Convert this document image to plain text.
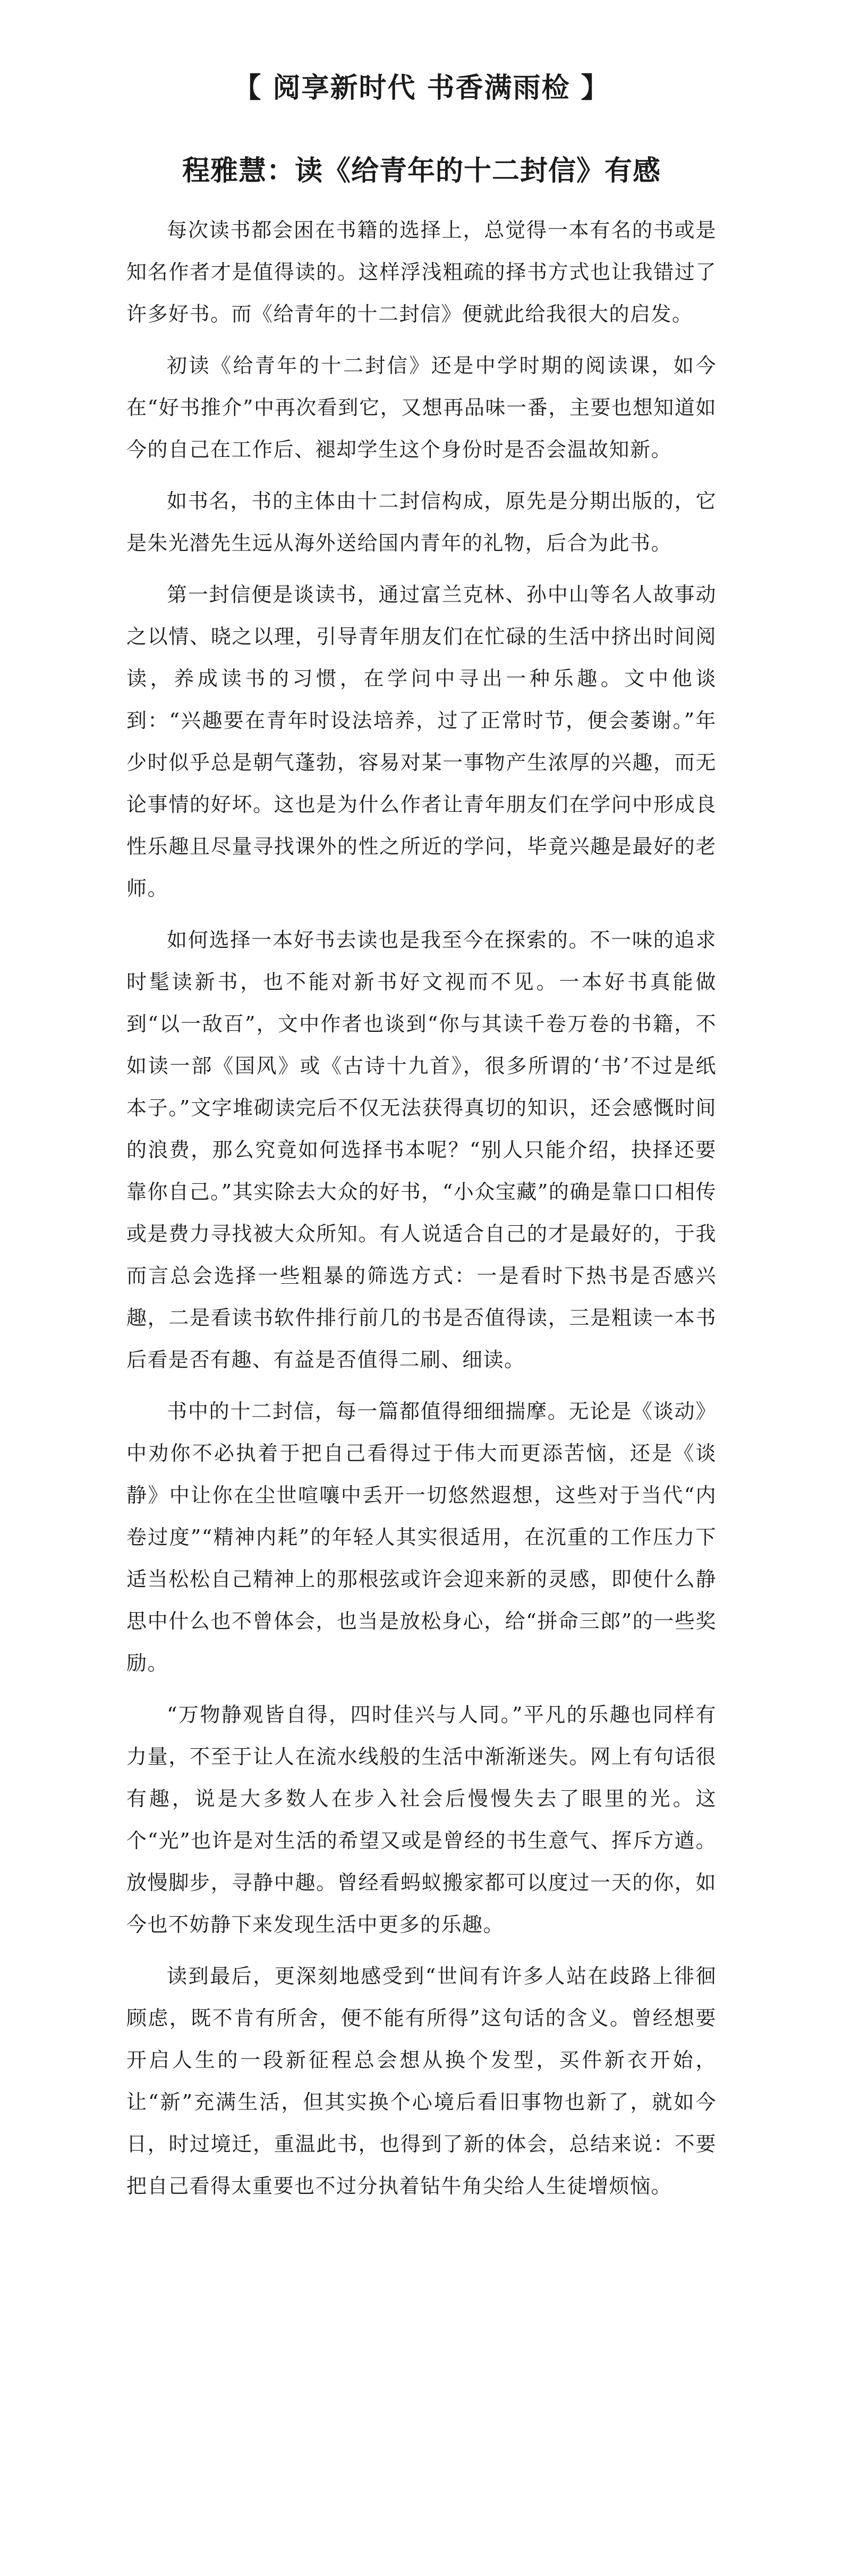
【 阅享新时代 书香满雨检 】
程雅慧：读《给青年的十二封信》有感

每次读书都会困在书籍的选择上，总觉得一本有名的书或是知名作者才是值得读的。这样浮浅粗疏的择书方式也让我错过了许多好书。而《给青年的十二封信》便就此给我很大的启发。

初读《给青年的十二封信》还是中学时期的阅读课，如今在“好书推介”中再次看到它，又想再品味一番，主要也想知道如今的自己在工作后、褪却学生这个身份时是否会温故知新。

如书名，书的主体由十二封信构成，原先是分期出版的，它是朱光潜先生远从海外送给国内青年的礼物，后合为此书。

第一封信便是谈读书，通过富兰克林、孙中山等名人故事动之以情、晓之以理，引导青年朋友们在忙碌的生活中挤出时间阅读，养成读书的习惯，在学问中寻出一种乐趣。文中他谈到：“兴趣要在青年时设法培养，过了正常时节，便会萎谢。”年少时似乎总是朝气蓬勃，容易对某一事物产生浓厚的兴趣，而无论事情的好坏。这也是为什么作者让青年朋友们在学问中形成良性乐趣且尽量寻找课外的性之所近的学问，毕竟兴趣是最好的老师。

如何选择一本好书去读也是我至今在探索的。不一味的追求时髦读新书，也不能对新书好文视而不见。一本好书真能做到“以一敌百”，文中作者也谈到“你与其读千卷万卷的书籍，不如读一部《国风》或《古诗十九首》，很多所谓的‘书’不过是纸本子。”文字堆砌读完后不仅无法获得真切的知识，还会感慨时间的浪费，那么究竟如何选择书本呢？“别人只能介绍，抉择还要靠你自己。”其实除去大众的好书，“小众宝藏”的确是靠口口相传或是费力寻找被大众所知。有人说适合自己的才是最好的，于我而言总会选择一些粗暴的筛选方式：一是看时下热书是否感兴趣，二是看读书软件排行前几的书是否值得读，三是粗读一本书后看是否有趣、有益是否值得二刷、细读。

书中的十二封信，每一篇都值得细细揣摩。无论是《谈动》中劝你不必执着于把自己看得过于伟大而更添苦恼，还是《谈静》中让你在尘世喧嚷中丢开一切悠然遐想，这些对于当代“内卷过度”“精神内耗”的年轻人其实很适用，在沉重的工作压力下适当松松自己精神上的那根弦或许会迎来新的灵感，即使什么静思中什么也不曾体会，也当是放松身心，给“拼命三郎”的一些奖励。

“万物静观皆自得，四时佳兴与人同。”平凡的乐趣也同样有力量，不至于让人在流水线般的生活中渐渐迷失。网上有句话很有趣，说是大多数人在步入社会后慢慢失去了眼里的光。这个“光”也许是对生活的希望又或是曾经的书生意气、挥斥方遒。放慢脚步，寻静中趣。曾经看蚂蚁搬家都可以度过一天的你，如今也不妨静下来发现生活中更多的乐趣。

读到最后，更深刻地感受到“世间有许多人站在歧路上徘徊顾虑，既不肯有所舍，便不能有所得”这句话的含义。曾经想要开启人生的一段新征程总会想从换个发型，买件新衣开始，让“新”充满生活，但其实换个心境后看旧事物也新了，就如今日，时过境迁，重温此书，也得到了新的体会，总结来说：不要把自己看得太重要也不过分执着钻牛角尖给人生徒增烦恼。
